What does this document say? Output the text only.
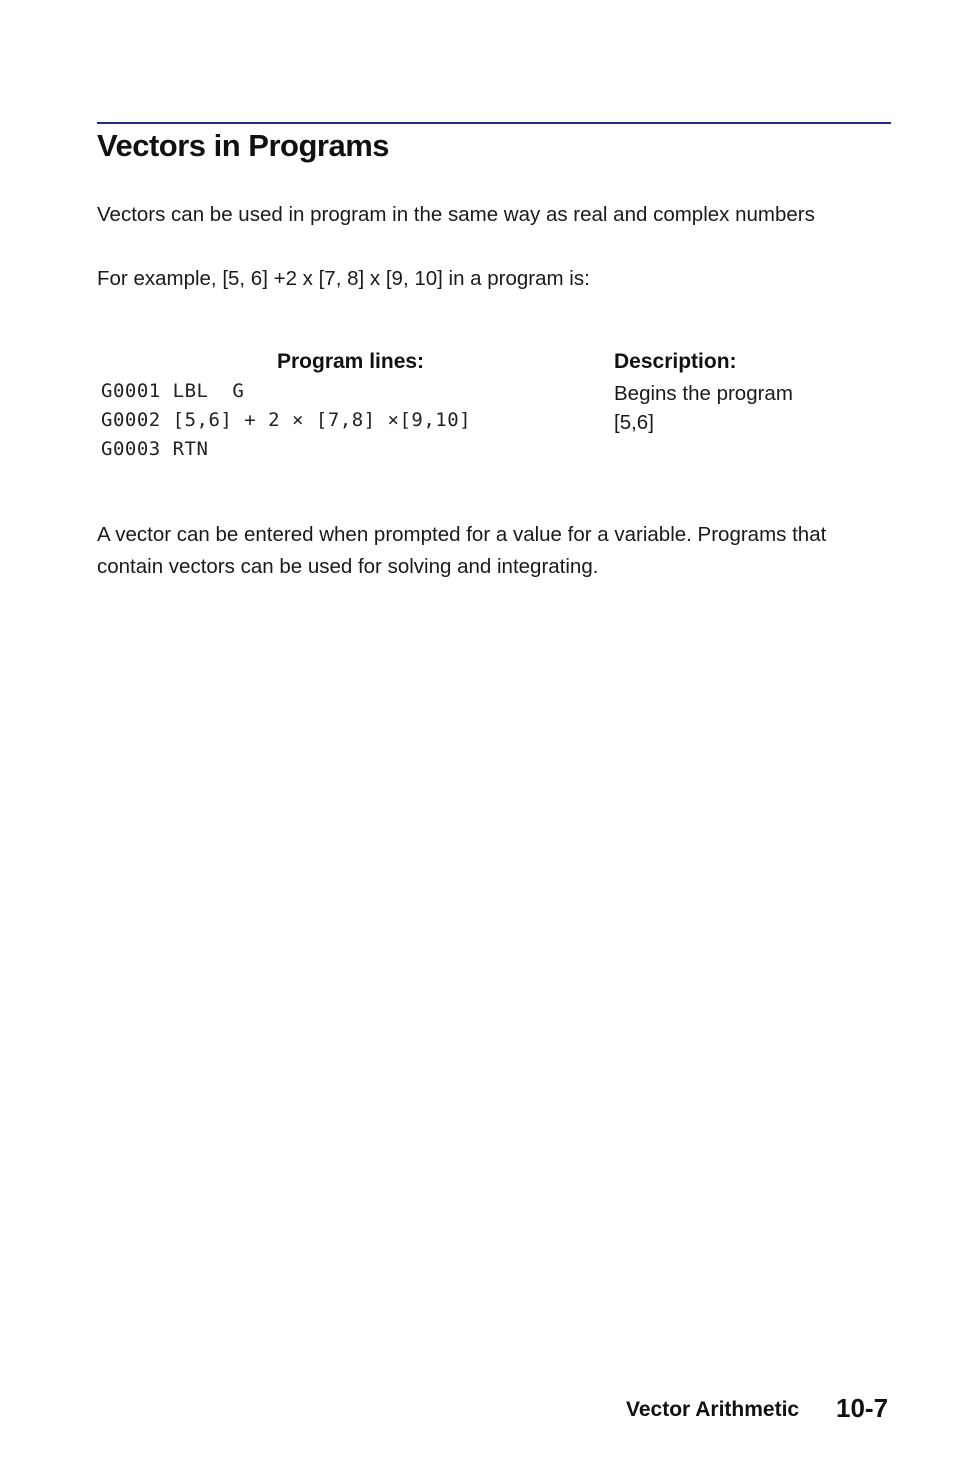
Vectors in Programs

Vectors can be used in program in the same way as real and complex numbers

For example, [5, 6] +2 x [7, 8] x [9, 10] in a program is:

Program lines:	Description:
G0001 LBL  G
G0002 [5,6] + 2 × [7,8] ×[9,10]
G0003 RTN
Begins the program
[5,6]

A vector can be entered when prompted for a value for a variable. Programs that contain vectors can be used for solving and integrating.

Vector Arithmetic 10-7
